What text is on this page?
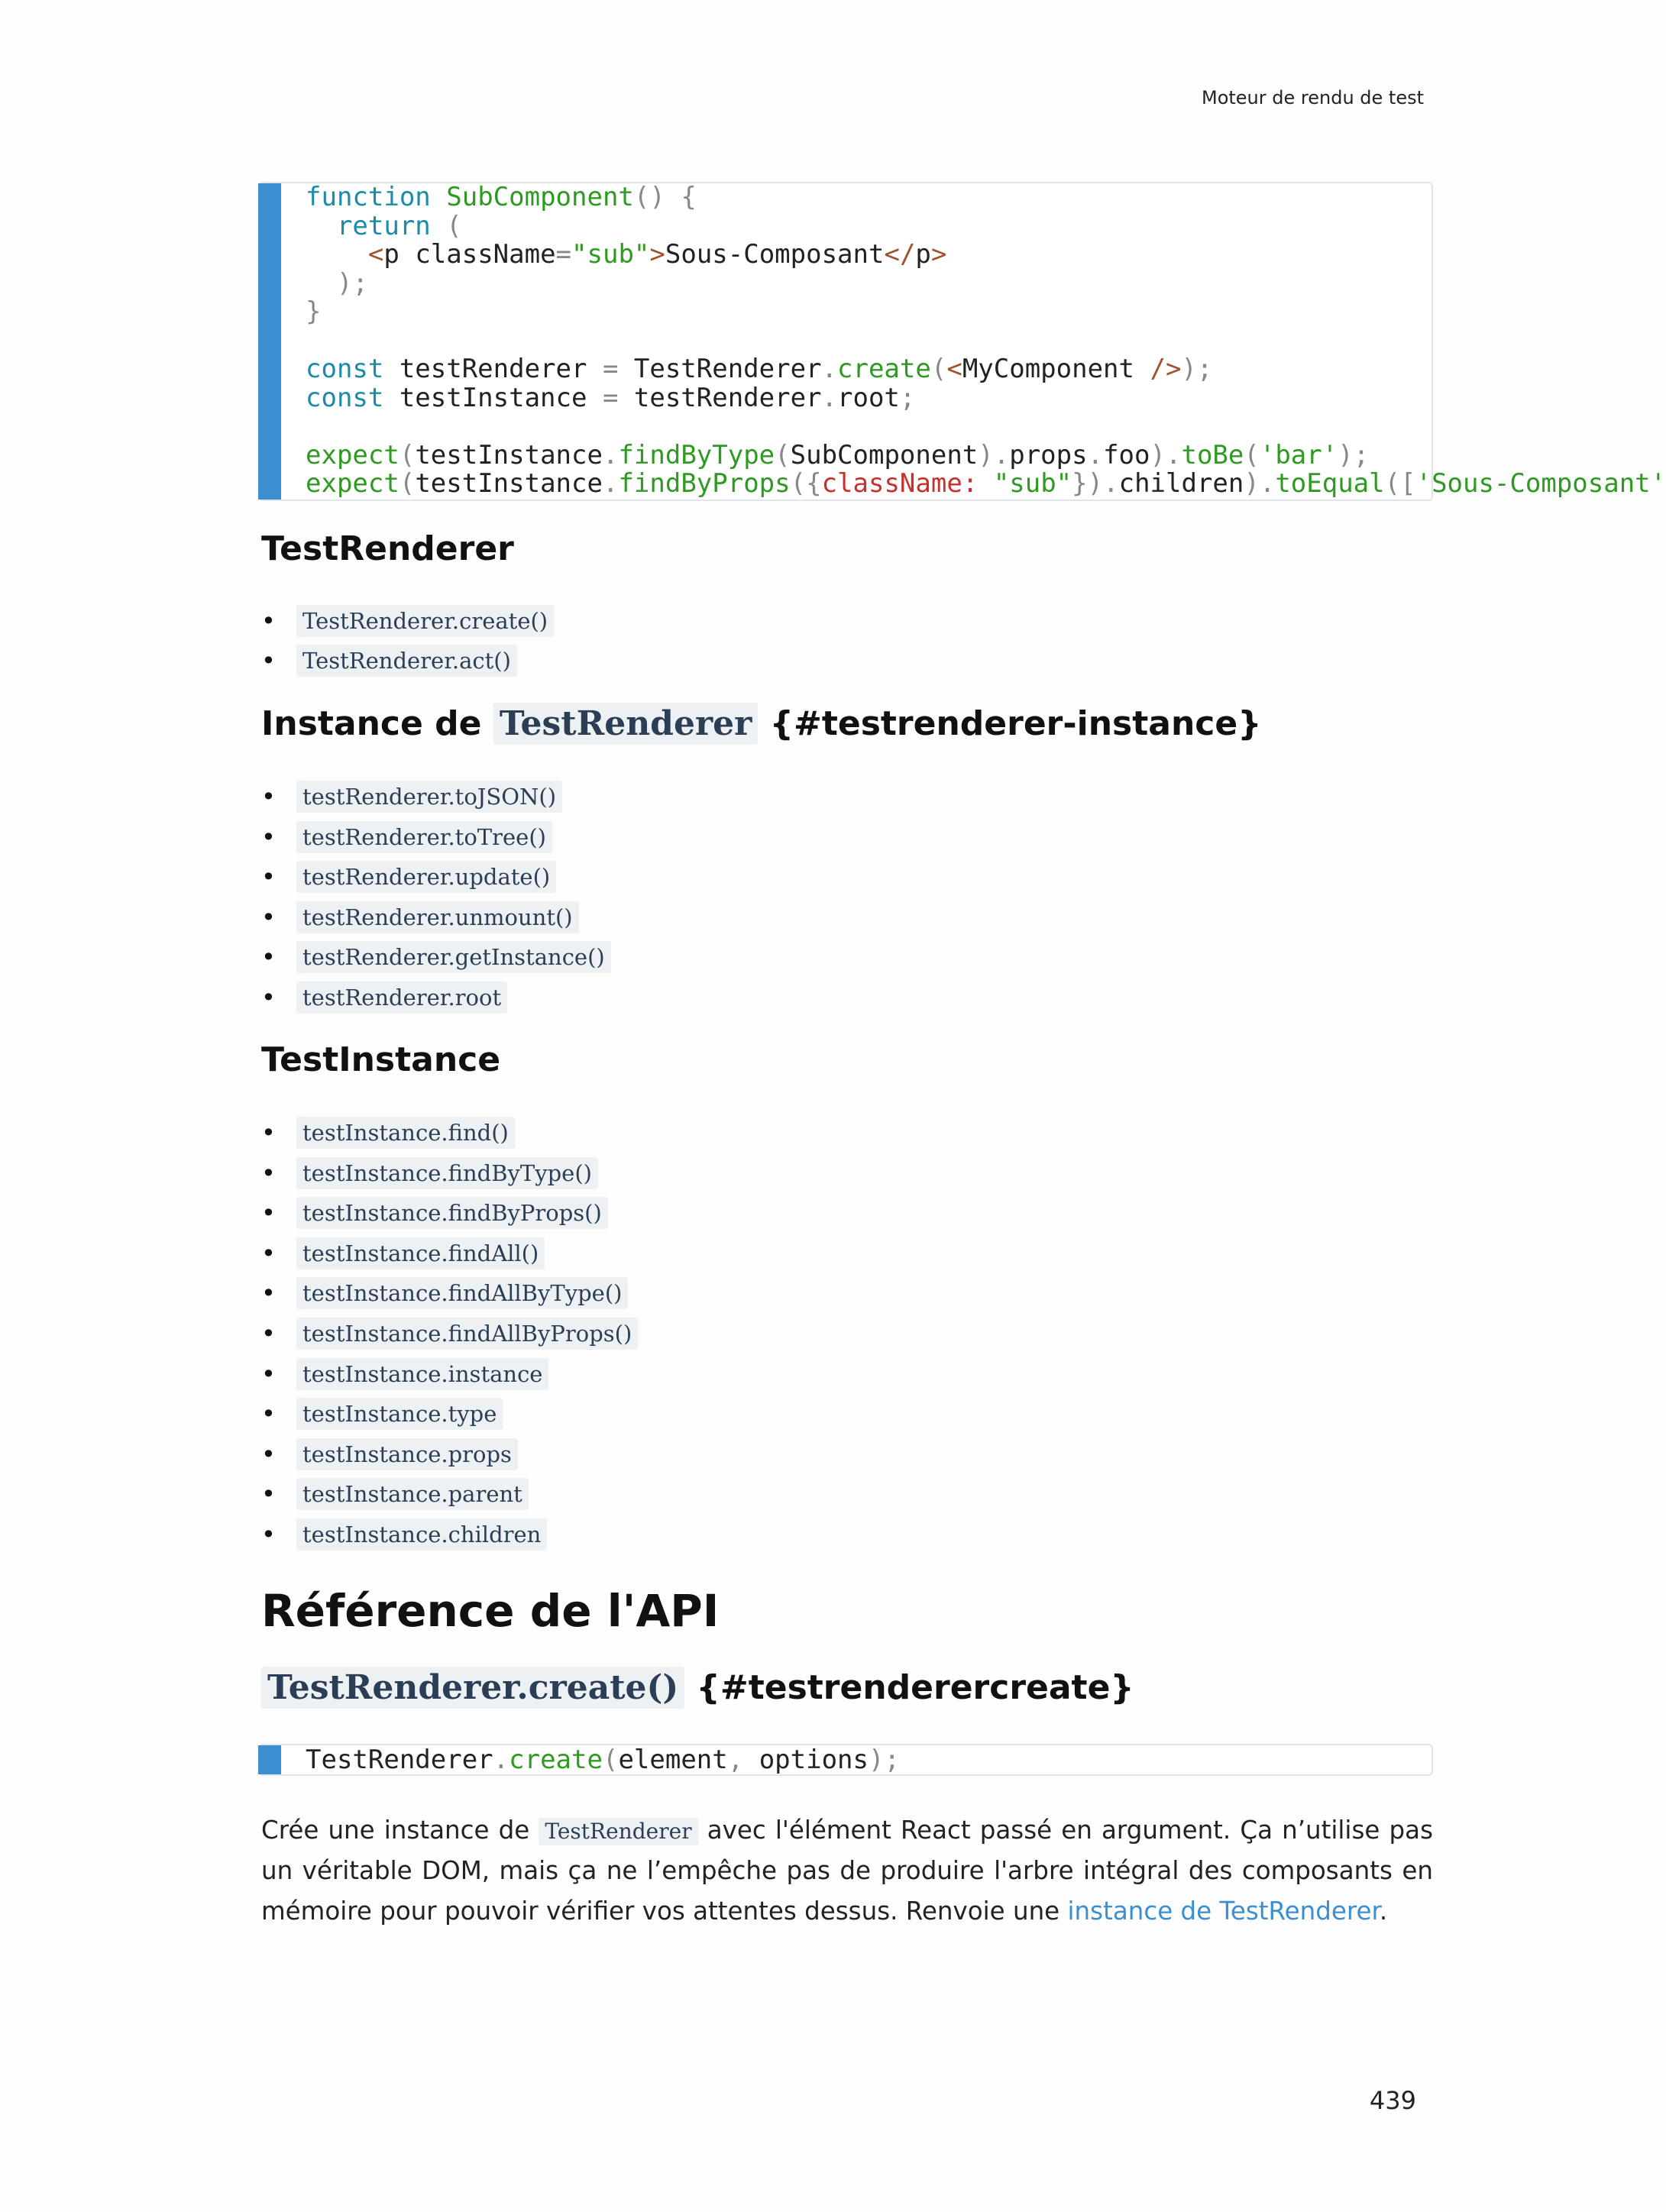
Moteur de rendu de test
function SubComponent() {
return (
<p className="sub">Sous-Composant</p>
);
}

const testRenderer = TestRenderer.create(<MyComponent />);
const testInstance = testRenderer.root;

expect(testInstance.findByType(SubComponent).props.foo).toBe('bar');
expect(testInstance.findByProps({className: "sub"}).children).toEqual(['Sous-Composant'
TestRenderer
• TestRenderer.create()
• TestRenderer.act()
Instance de TestRenderer {#testrenderer-instance}
• testRenderer.toJSON()
• testRenderer.toTree()
• testRenderer.update()
• testRenderer.unmount()
• testRenderer.getInstance()
• testRenderer.root
TestInstance
• testInstance.find()
• testInstance.findByType()
• testInstance.findByProps()
• testInstance.findAll()
• testInstance.findAllByType()
• testInstance.findAllByProps()
• testInstance.instance
• testInstance.type
• testInstance.props
• testInstance.parent
• testInstance.children
Référence de l'API
TestRenderer.create() {#testrenderercreate}
TestRenderer.create(element, options);

Crée une instance de TestRenderer avec l'élément React passé en argument. Ça n’utilise pas un véritable DOM, mais ça ne l’empêche pas de produire l'arbre intégral des composants en mémoire pour pouvoir vérifier vos attentes dessus. Renvoie une instance de TestRenderer.

439
